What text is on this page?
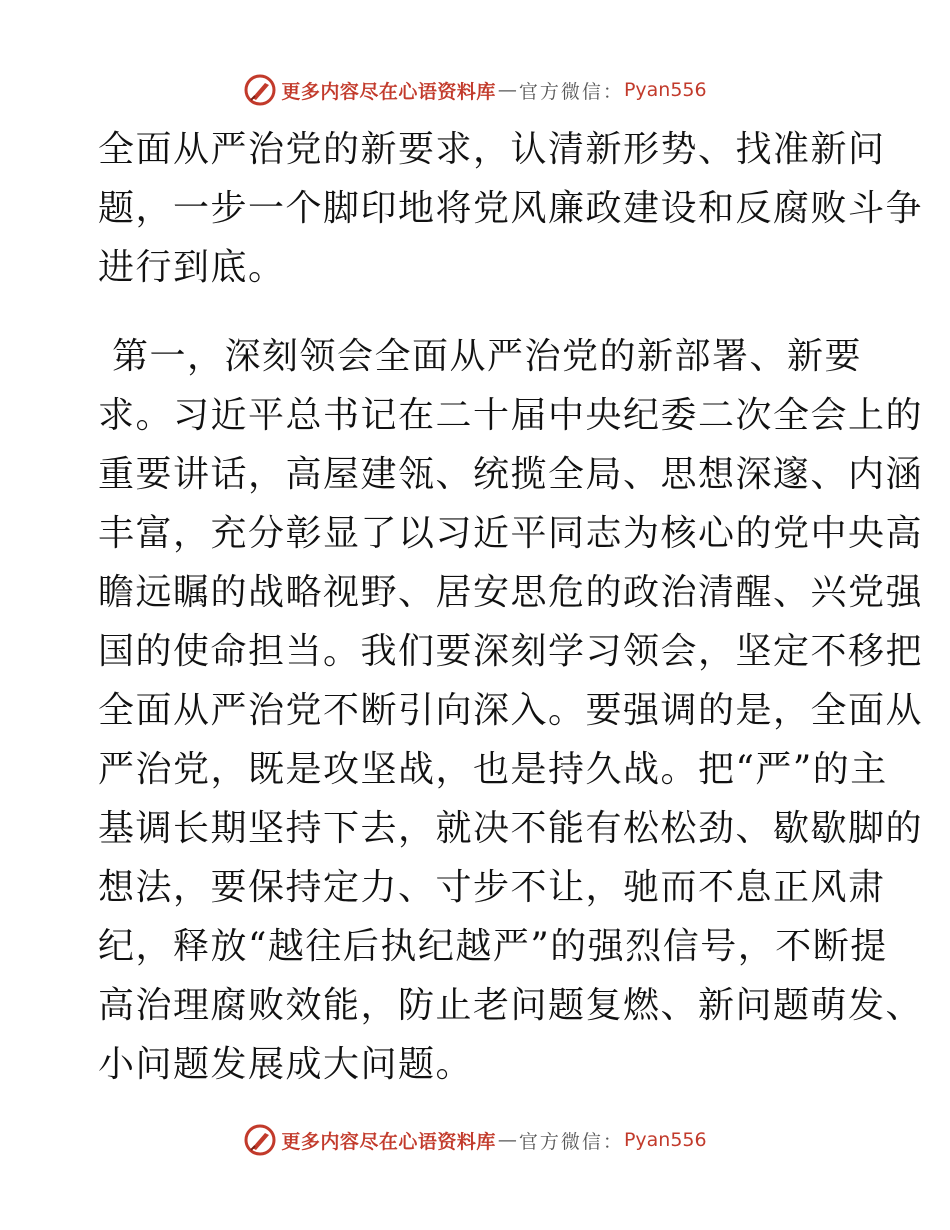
更多内容尽在心语资料库 — 官方微信： Pyan556
全面从严治党的新要求，认清新形势、找准新问
题，一步一个脚印地将党风廉政建设和反腐败斗争
进行到底。
第一，深刻领会全面从严治党的新部署、新要
求。习近平总书记在二十届中央纪委二次全会上的
重要讲话，高屋建瓴、统揽全局、思想深邃、内涵
丰富，充分彰显了以习近平同志为核心的党中央高
瞻远瞩的战略视野、居安思危的政治清醒、兴党强
国的使命担当。我们要深刻学习领会，坚定不移把
全面从严治党不断引向深入。要强调的是，全面从
严治党，既是攻坚战，也是持久战。把“严”的主
基调长期坚持下去，就决不能有松松劲、歇歇脚的
想法，要保持定力、寸步不让，驰而不息正风肃
纪，释放“越往后执纪越严”的强烈信号，不断提
高治理腐败效能，防止老问题复燃、新问题萌发、
小问题发展成大问题。
更多内容尽在心语资料库 — 官方微信： Pyan556
